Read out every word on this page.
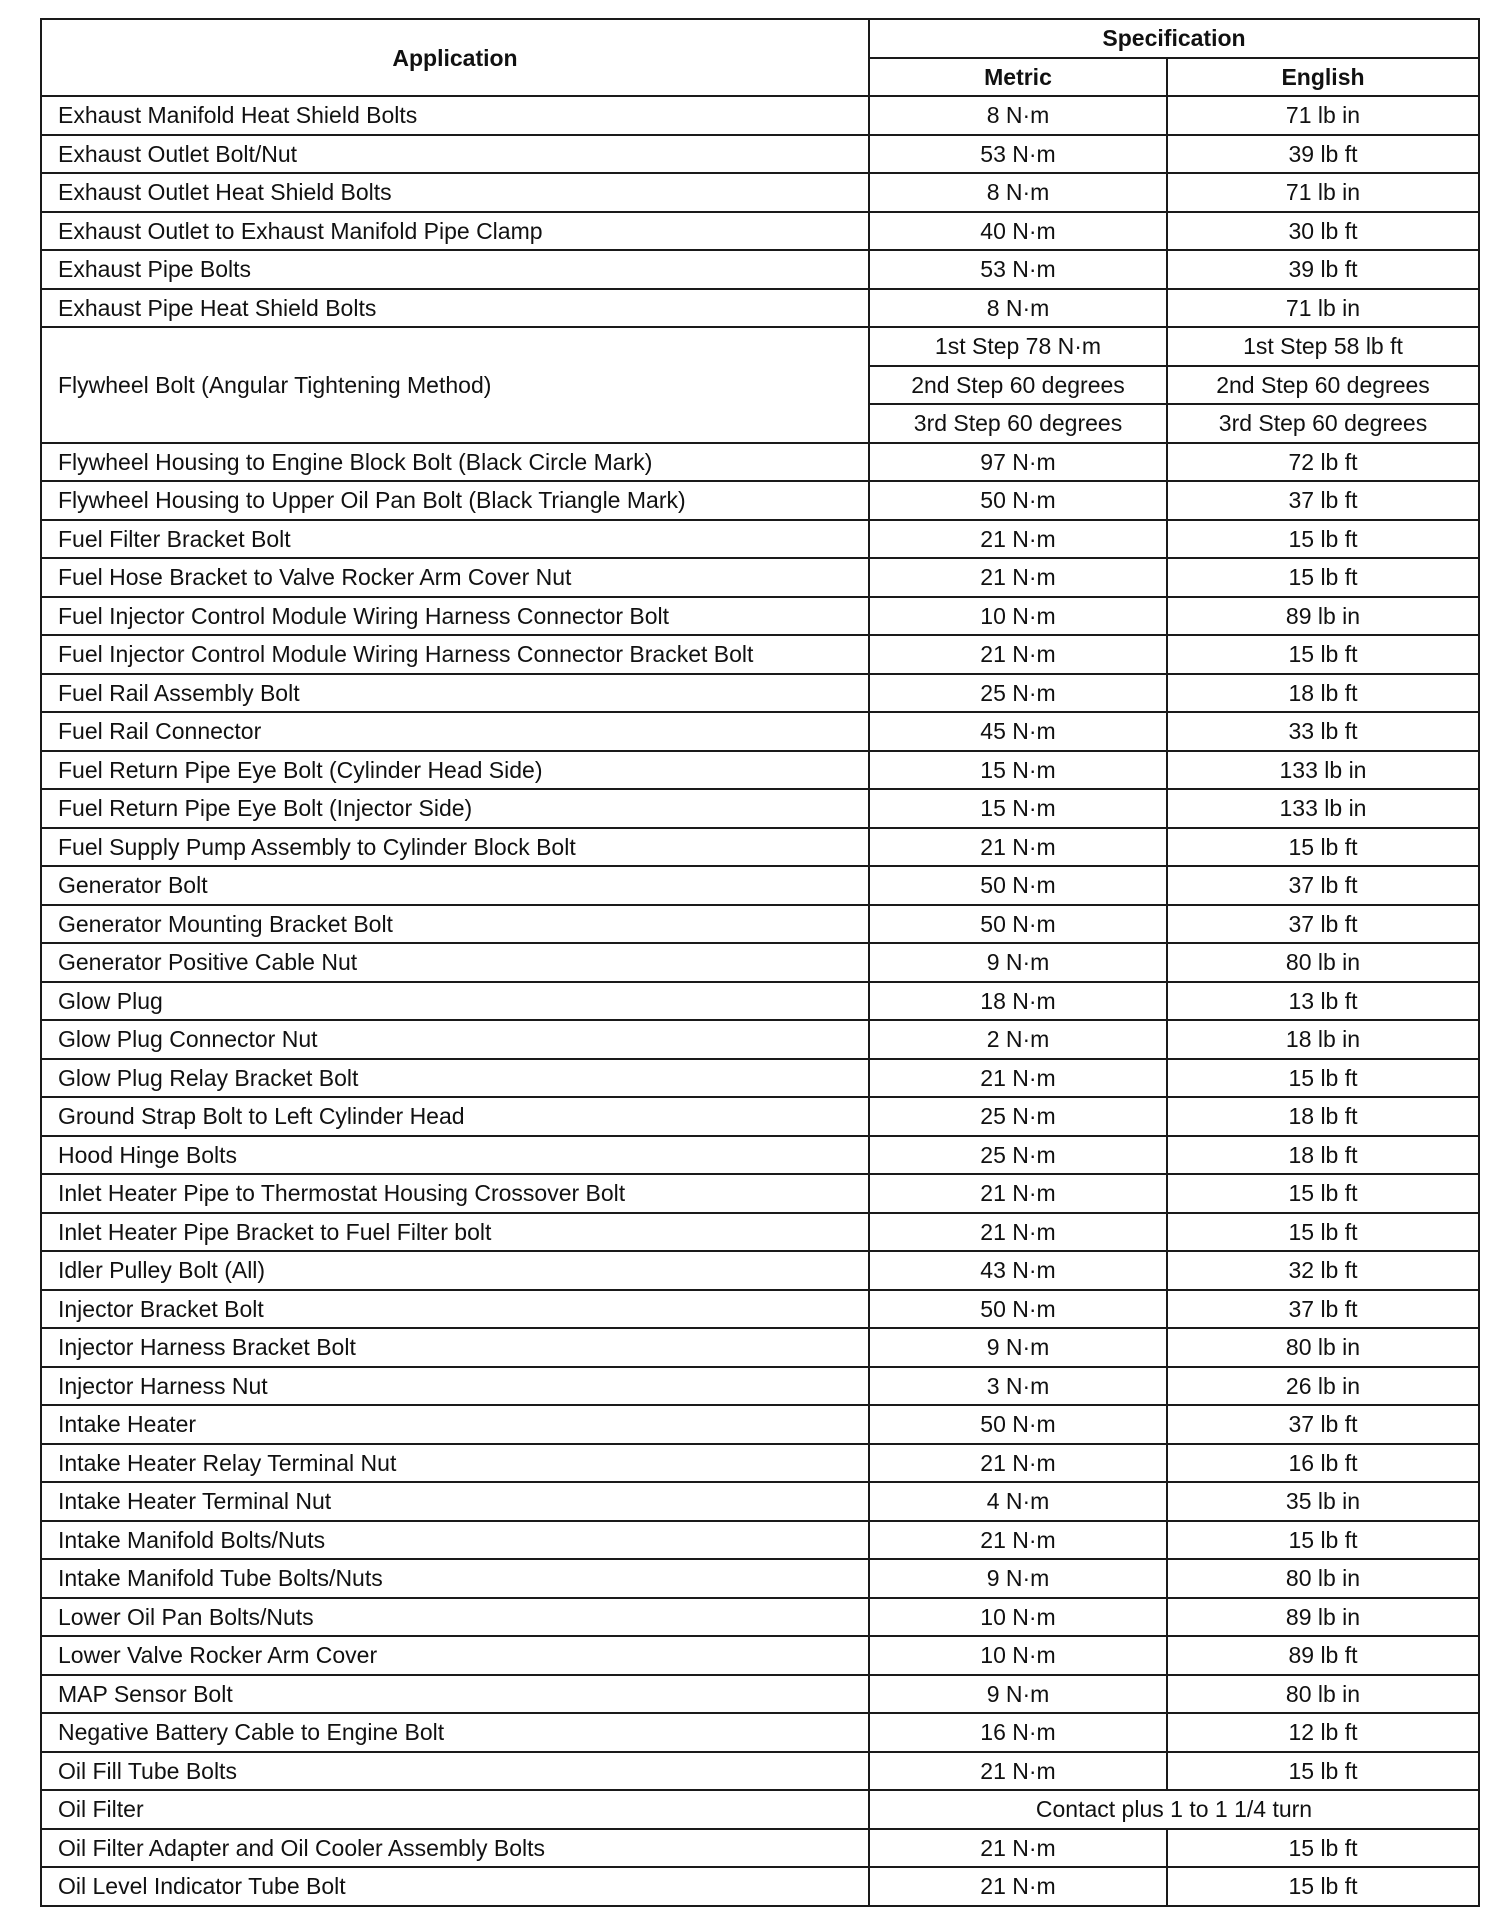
Application	Specification	
	Metric	English
Exhaust Manifold Heat Shield Bolts	8 N·m	71 lb in
Exhaust Outlet Bolt/Nut	53 N·m	39 lb ft
Exhaust Outlet Heat Shield Bolts	8 N·m	71 lb in
Exhaust Outlet to Exhaust Manifold Pipe Clamp	40 N·m	30 lb ft
Exhaust Pipe Bolts	53 N·m	39 lb ft
Exhaust Pipe Heat Shield Bolts	8 N·m	71 lb in
Flywheel Bolt (Angular Tightening Method)	1st Step 78 N·m	1st Step 58 lb ft
	2nd Step 60 degrees	2nd Step 60 degrees
	3rd Step 60 degrees	3rd Step 60 degrees
Flywheel Housing to Engine Block Bolt (Black Circle Mark)	97 N·m	72 lb ft
Flywheel Housing to Upper Oil Pan Bolt (Black Triangle Mark)	50 N·m	37 lb ft
Fuel Filter Bracket Bolt	21 N·m	15 lb ft
Fuel Hose Bracket to Valve Rocker Arm Cover Nut	21 N·m	15 lb ft
Fuel Injector Control Module Wiring Harness Connector Bolt	10 N·m	89 lb in
Fuel Injector Control Module Wiring Harness Connector Bracket Bolt	21 N·m	15 lb ft
Fuel Rail Assembly Bolt	25 N·m	18 lb ft
Fuel Rail Connector	45 N·m	33 lb ft
Fuel Return Pipe Eye Bolt (Cylinder Head Side)	15 N·m	133 lb in
Fuel Return Pipe Eye Bolt (Injector Side)	15 N·m	133 lb in
Fuel Supply Pump Assembly to Cylinder Block Bolt	21 N·m	15 lb ft
Generator Bolt	50 N·m	37 lb ft
Generator Mounting Bracket Bolt	50 N·m	37 lb ft
Generator Positive Cable Nut	9 N·m	80 lb in
Glow Plug	18 N·m	13 lb ft
Glow Plug Connector Nut	2 N·m	18 lb in
Glow Plug Relay Bracket Bolt	21 N·m	15 lb ft
Ground Strap Bolt to Left Cylinder Head	25 N·m	18 lb ft
Hood Hinge Bolts	25 N·m	18 lb ft
Inlet Heater Pipe to Thermostat Housing Crossover Bolt	21 N·m	15 lb ft
Inlet Heater Pipe Bracket to Fuel Filter bolt	21 N·m	15 lb ft
Idler Pulley Bolt (All)	43 N·m	32 lb ft
Injector Bracket Bolt	50 N·m	37 lb ft
Injector Harness Bracket Bolt	9 N·m	80 lb in
Injector Harness Nut	3 N·m	26 lb in
Intake Heater	50 N·m	37 lb ft
Intake Heater Relay Terminal Nut	21 N·m	16 lb ft
Intake Heater Terminal Nut	4 N·m	35 lb in
Intake Manifold Bolts/Nuts	21 N·m	15 lb ft
Intake Manifold Tube Bolts/Nuts	9 N·m	80 lb in
Lower Oil Pan Bolts/Nuts	10 N·m	89 lb in
Lower Valve Rocker Arm Cover	10 N·m	89 lb ft
MAP Sensor Bolt	9 N·m	80 lb in
Negative Battery Cable to Engine Bolt	16 N·m	12 lb ft
Oil Fill Tube Bolts	21 N·m	15 lb ft
Oil Filter	Contact plus 1 to 1 1/4 turn	
Oil Filter Adapter and Oil Cooler Assembly Bolts	21 N·m	15 lb ft
Oil Level Indicator Tube Bolt	21 N·m	15 lb ft
